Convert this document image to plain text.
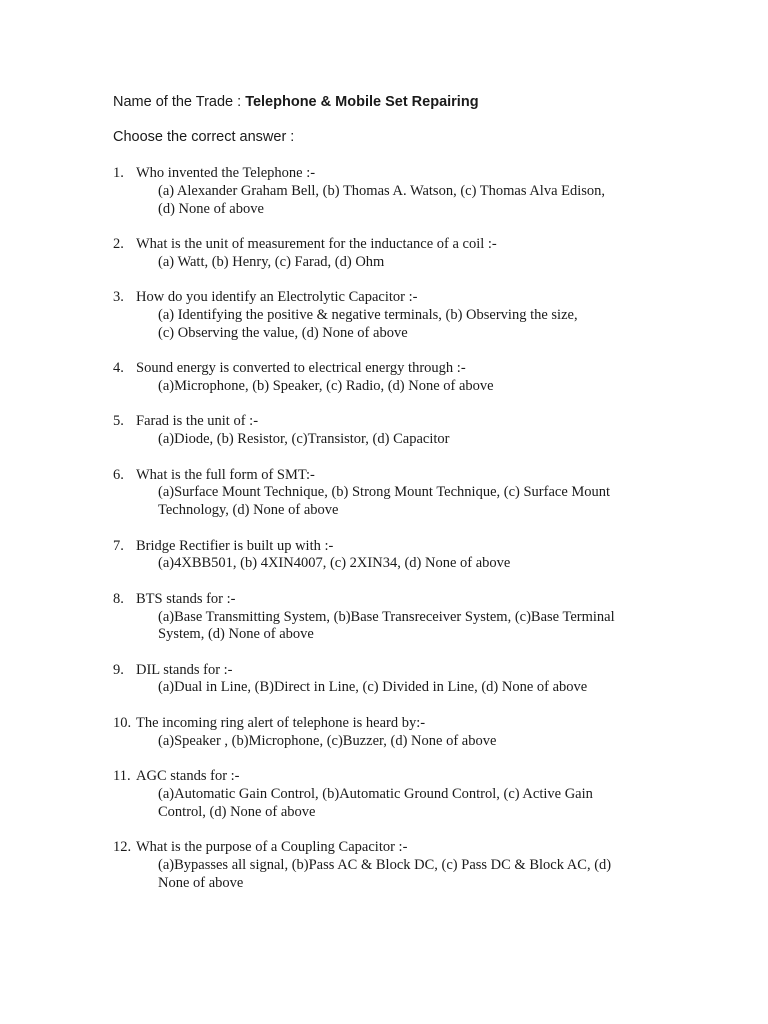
Name of the Trade : Telephone & Mobile Set Repairing
Choose the correct answer :
1. Who invented the Telephone :-
(a) Alexander Graham Bell, (b) Thomas A. Watson, (c) Thomas Alva Edison,
(d) None of above
2. What is the unit of measurement for the inductance of a coil :-
(a) Watt, (b) Henry, (c) Farad, (d) Ohm
3. How do you identify an Electrolytic Capacitor :-
(a) Identifying the positive & negative terminals, (b) Observing the size,
(c) Observing the value, (d) None of above
4. Sound energy is converted to electrical energy through :-
(a)Microphone, (b) Speaker, (c) Radio, (d) None of above
5. Farad is the unit of :-
(a)Diode, (b) Resistor, (c)Transistor, (d) Capacitor
6. What is the full form of SMT:-
(a)Surface Mount Technique, (b) Strong Mount Technique, (c) Surface Mount
Technology, (d) None of above
7. Bridge Rectifier is built up with :-
(a)4XBB501, (b) 4XIN4007, (c) 2XIN34, (d) None of above
8. BTS stands for :-
(a)Base Transmitting System, (b)Base Transreceiver System, (c)Base Terminal
System, (d) None of above
9. DIL stands for :-
(a)Dual in Line, (B)Direct in Line, (c) Divided in Line, (d) None of above
10. The incoming ring alert of telephone is heard by:-
(a)Speaker , (b)Microphone, (c)Buzzer, (d) None of above
11. AGC stands for :-
(a)Automatic Gain Control, (b)Automatic Ground Control, (c) Active Gain
Control, (d) None of above
12. What is the purpose of a Coupling Capacitor :-
(a)Bypasses all signal, (b)Pass AC & Block DC, (c) Pass DC & Block AC, (d)
None of above
